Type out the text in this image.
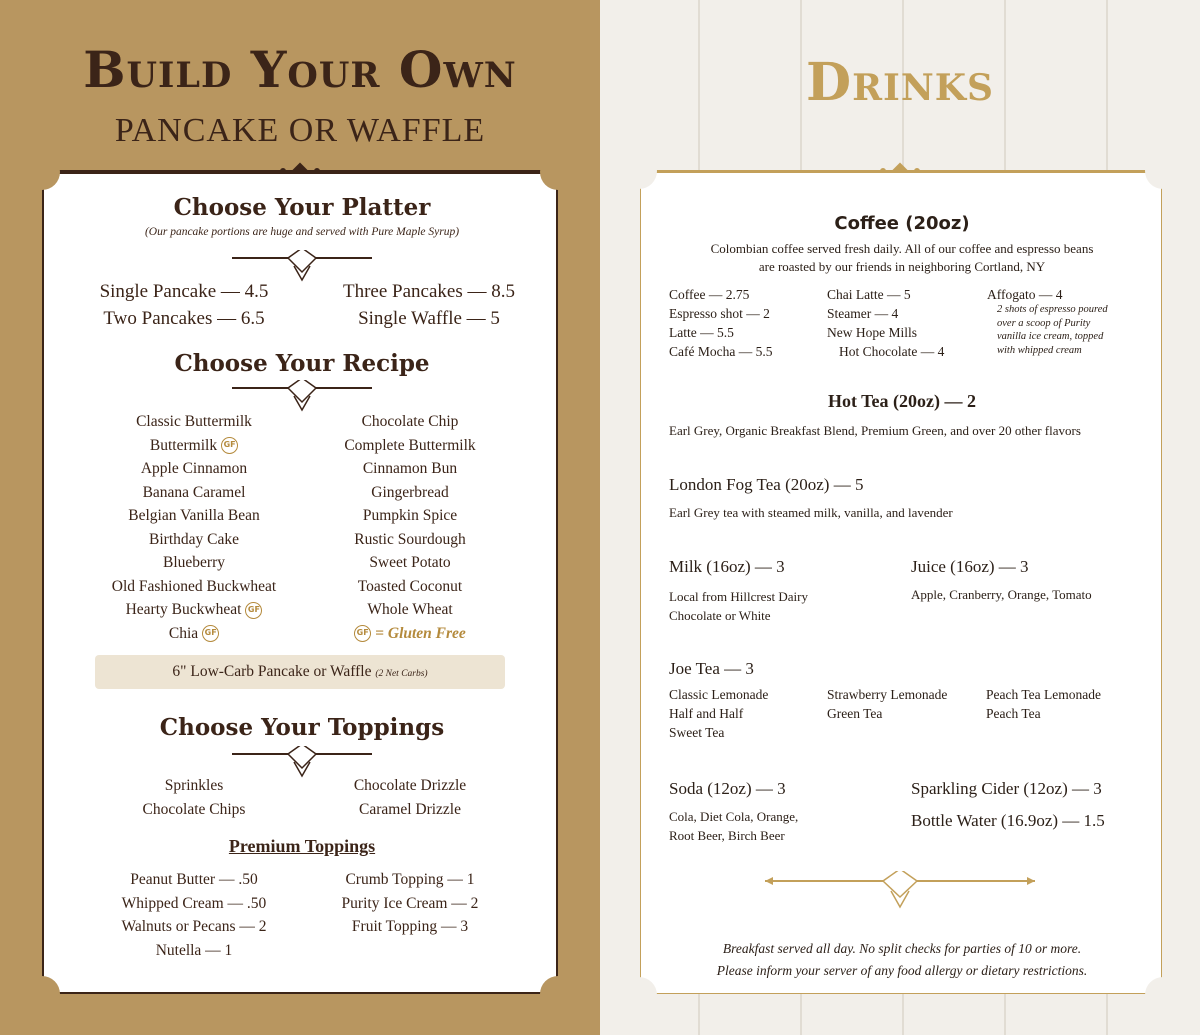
Build Your Own
PANCAKE OR WAFFLE
Choose Your Platter
(Our pancake portions are huge and served with Pure Maple Syrup)
Single Pancake — 4.5
Two Pancakes — 6.5
Three Pancakes — 8.5
Single Waffle — 5
Choose Your Recipe
Classic Buttermilk
Buttermilk GF
Apple Cinnamon
Banana Caramel
Belgian Vanilla Bean
Birthday Cake
Blueberry
Old Fashioned Buckwheat
Hearty Buckwheat GF
Chia GF
Chocolate Chip
Complete Buttermilk
Cinnamon Bun
Gingerbread
Pumpkin Spice
Rustic Sourdough
Sweet Potato
Toasted Coconut
Whole Wheat
GF = Gluten Free
Choose Your Toppings
Sprinkles
Chocolate Chips
Chocolate Drizzle
Caramel Drizzle
Premium Toppings
Peanut Butter — .50
Whipped Cream — .50
Walnuts or Pecans — 2
Nutella — 1
Crumb Topping — 1
Purity Ice Cream — 2
Fruit Topping — 3
6" Low-Carb Pancake or Waffle (2 Net Carbs)
Drinks
Coffee (20oz)
Colombian coffee served fresh daily. All of our coffee and espresso beans
are roasted by our friends in neighboring Cortland, NY
Coffee — 2.75
Espresso shot — 2
Latte — 5.5
Café Mocha — 5.5
Chai Latte — 5
Steamer — 4
New Hope Mills
Hot Chocolate — 4
Affogato — 4
2 shots of espresso poured
over a scoop of Purity
vanilla ice cream, topped
with whipped cream
Hot Tea (20oz) — 2
Earl Grey, Organic Breakfast Blend, Premium Green, and over 20 other flavors
London Fog Tea (20oz) — 5
Earl Grey tea with steamed milk, vanilla, and lavender
Milk (16oz) — 3
Local from Hillcrest Dairy
Chocolate or White
Juice (16oz) — 3
Apple, Cranberry, Orange, Tomato
Joe Tea — 3
Classic Lemonade
Half and Half
Sweet Tea
Strawberry Lemonade
Green Tea
Peach Tea Lemonade
Peach Tea
Soda (12oz) — 3
Cola, Diet Cola, Orange,
Root Beer, Birch Beer
Sparkling Cider (12oz) — 3
Bottle Water (16.9oz) — 1.5
Breakfast served all day. No split checks for parties of 10 or more.
Please inform your server of any food allergy or dietary restrictions.
